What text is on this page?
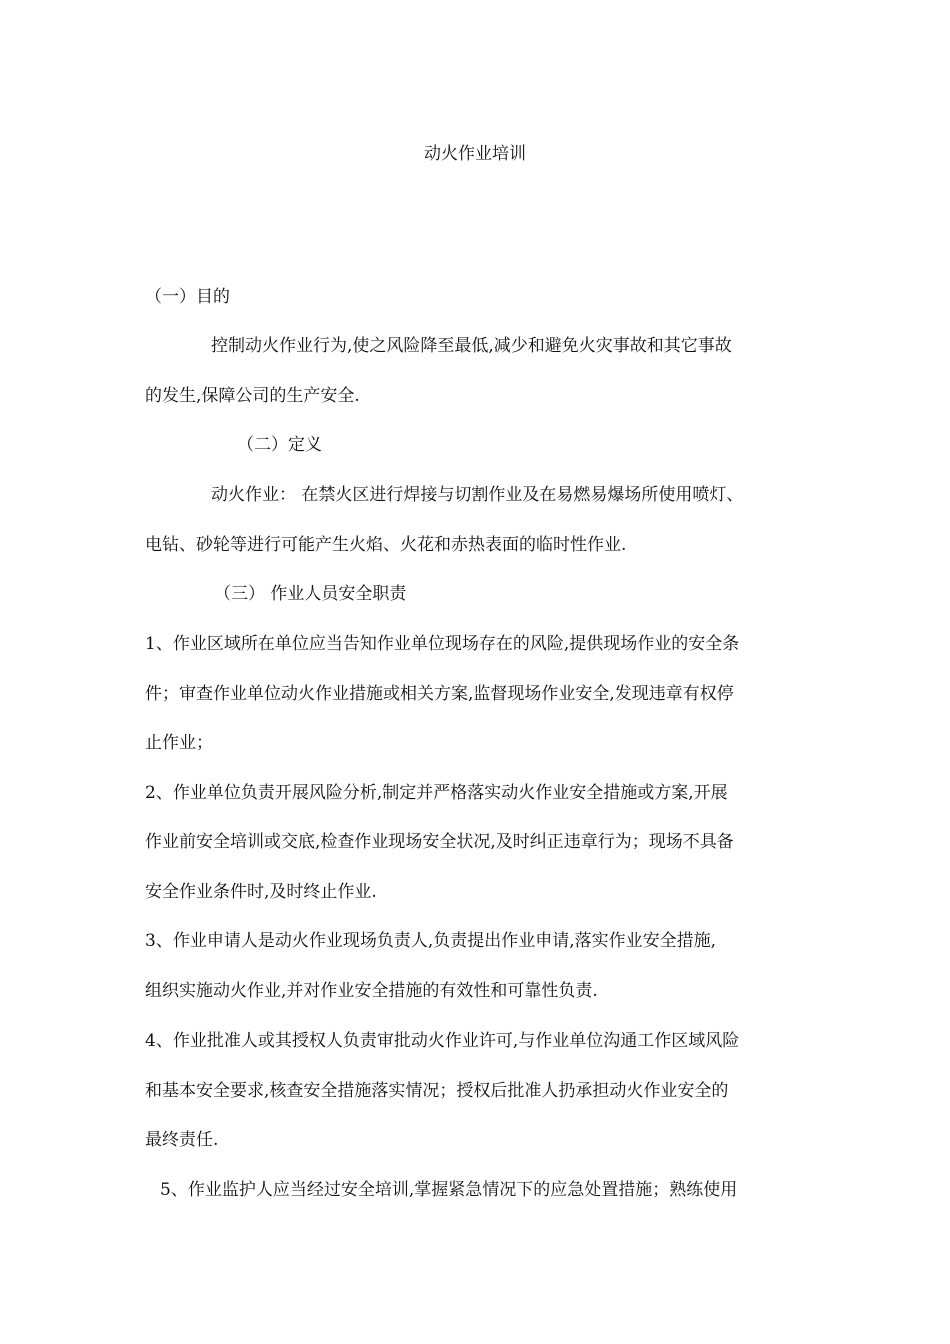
动火作业培训
（一）目的
控制动火作业行为,使之风险降至最低,减少和避免火灾事故和其它事故
的发生,保障公司的生产安全.
（二）定义
动火作业： 在禁火区进行焊接与切割作业及在易燃易爆场所使用喷灯、
电钻、砂轮等进行可能产生火焰、火花和赤热表面的临时性作业.
（三） 作业人员安全职责
1、作业区域所在单位应当告知作业单位现场存在的风险,提供现场作业的安全条
件；审查作业单位动火作业措施或相关方案,监督现场作业安全,发现违章有权停
止作业；
2、作业单位负责开展风险分析,制定并严格落实动火作业安全措施或方案,开展
作业前安全培训或交底,检查作业现场安全状况,及时纠正违章行为；现场不具备
安全作业条件时,及时终止作业.
3、作业申请人是动火作业现场负责人,负责提出作业申请,落实作业安全措施,
组织实施动火作业,并对作业安全措施的有效性和可靠性负责.
4、作业批准人或其授权人负责审批动火作业许可,与作业单位沟通工作区域风险
和基本安全要求,核查安全措施落实情况；授权后批准人扔承担动火作业安全的
最终责任.
5、作业监护人应当经过安全培训,掌握紧急情况下的应急处置措施；熟练使用
